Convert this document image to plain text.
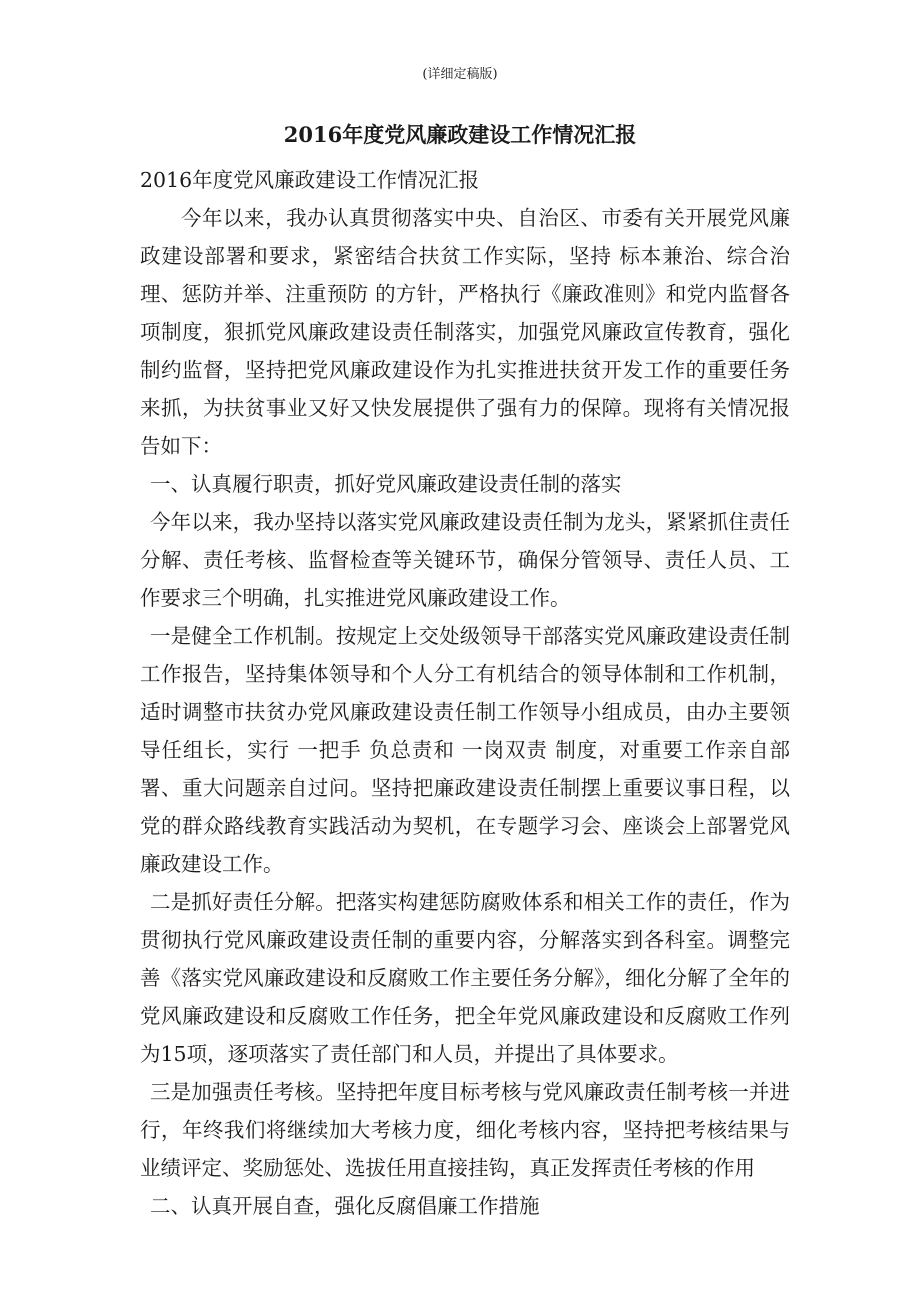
(详细定稿版)
2016年度党风廉政建设工作情况汇报

2016年度党风廉政建设工作情况汇报

今年以来，我办认真贯彻落实中央、自治区、市委有关开展党风廉政建设部署和要求，紧密结合扶贫工作实际，坚持 标本兼治、综合治理、惩防并举、注重预防 的方针，严格执行《廉政准则》和党内监督各项制度，狠抓党风廉政建设责任制落实，加强党风廉政宣传教育，强化制约监督，坚持把党风廉政建设作为扎实推进扶贫开发工作的重要任务来抓，为扶贫事业又好又快发展提供了强有力的保障。现将有关情况报告如下：

一、认真履行职责，抓好党风廉政建设责任制的落实

今年以来，我办坚持以落实党风廉政建设责任制为龙头，紧紧抓住责任分解、责任考核、监督检查等关键环节，确保分管领导、责任人员、工作要求三个明确，扎实推进党风廉政建设工作。

一是健全工作机制。按规定上交处级领导干部落实党风廉政建设责任制工作报告，坚持集体领导和个人分工有机结合的领导体制和工作机制，适时调整市扶贫办党风廉政建设责任制工作领导小组成员，由办主要领导任组长，实行 一把手 负总责和 一岗双责 制度，对重要工作亲自部署、重大问题亲自过问。坚持把廉政建设责任制摆上重要议事日程，以党的群众路线教育实践活动为契机，在专题学习会、座谈会上部署党风廉政建设工作。

二是抓好责任分解。把落实构建惩防腐败体系和相关工作的责任，作为贯彻执行党风廉政建设责任制的重要内容，分解落实到各科室。调整完善《落实党风廉政建设和反腐败工作主要任务分解》，细化分解了全年的党风廉政建设和反腐败工作任务，把全年党风廉政建设和反腐败工作列为15项，逐项落实了责任部门和人员，并提出了具体要求。

三是加强责任考核。坚持把年度目标考核与党风廉政责任制考核一并进行，年终我们将继续加大考核力度，细化考核内容，坚持把考核结果与业绩评定、奖励惩处、选拔任用直接挂钩，真正发挥责任考核的作用

二、认真开展自查，强化反腐倡廉工作措施
